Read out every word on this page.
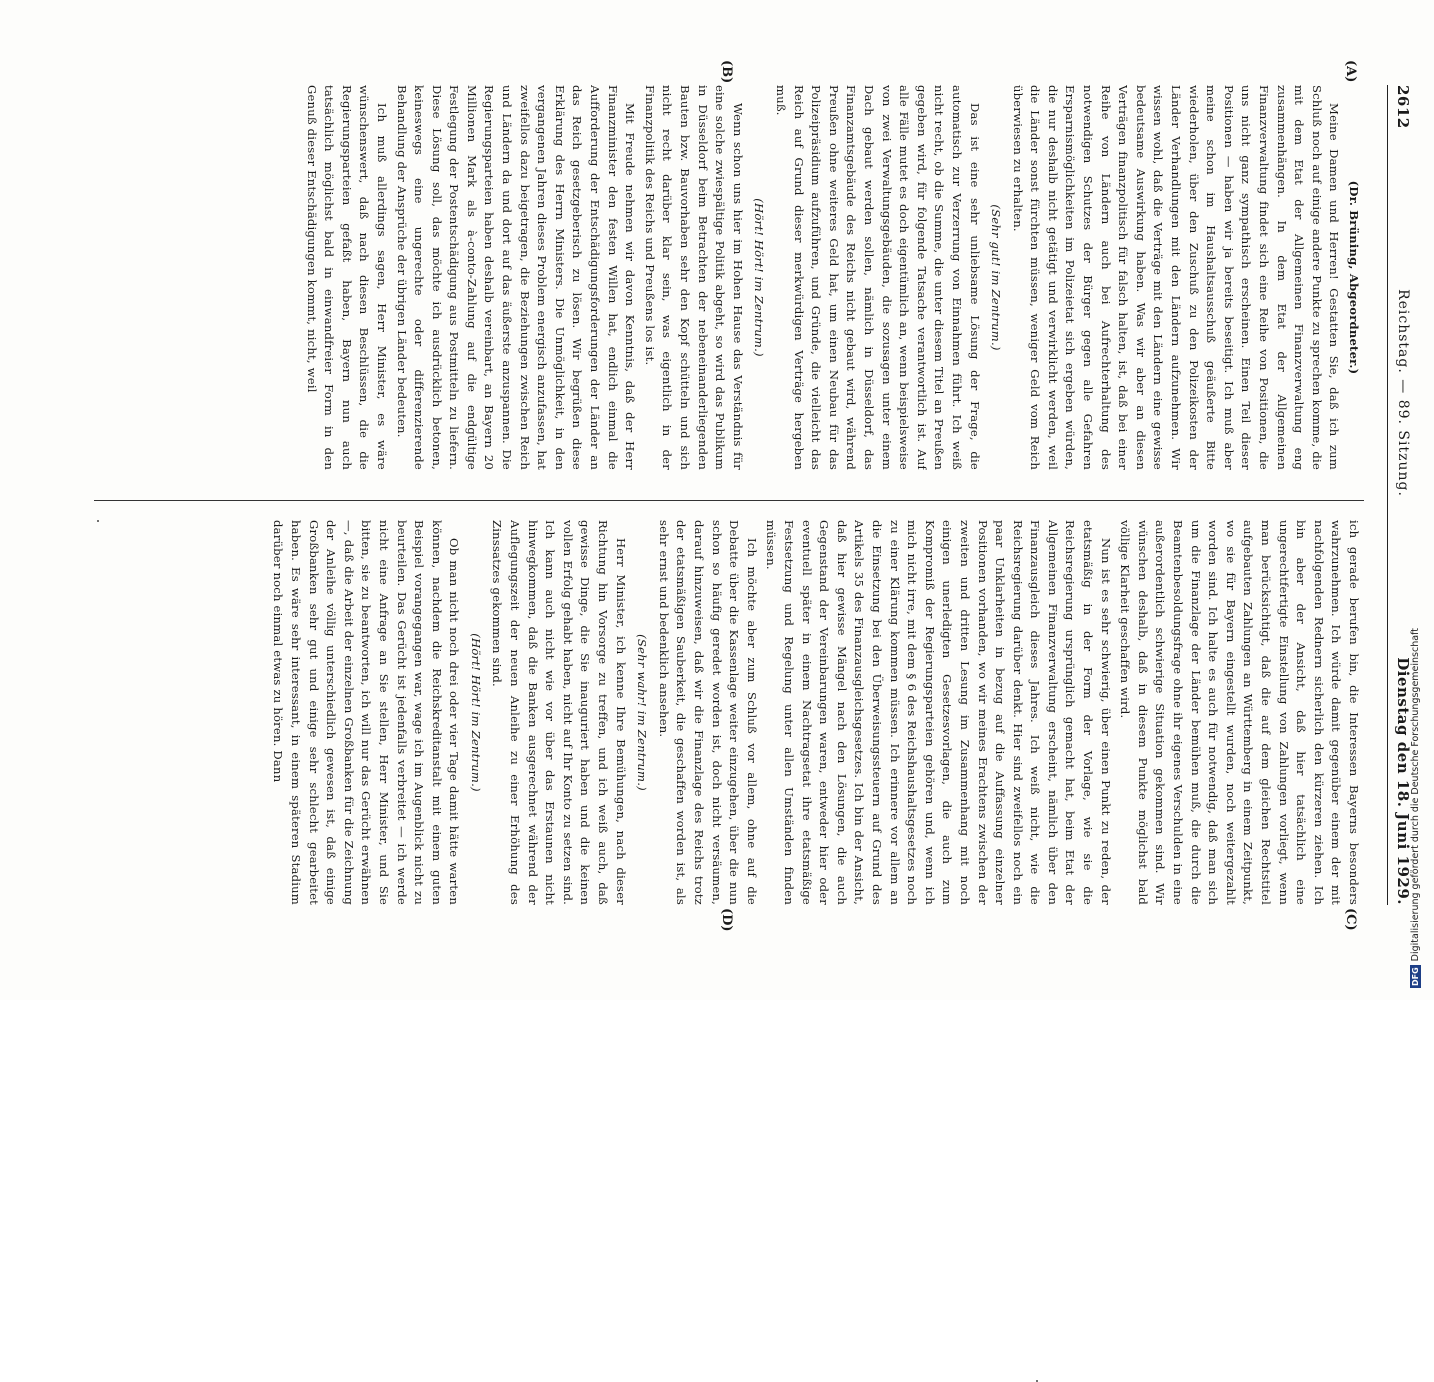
2612
Reichstag. — 89. Sitzung.
Dienstag den 18. Juni 1929.
(A)
(B)
(C)
(D)

(Dr. Brüning, Abgeordneter.)

Meine Damen und Herren! Gestatten Sie, daß ich zum Schluß noch auf einige andere Punkte zu sprechen komme, die mit dem Etat der Allgemeinen Finanzverwaltung eng zusammenhängen. In dem Etat der Allgemeinen Finanzverwaltung findet sich eine Reihe von Positionen, die uns nicht ganz sympathisch erscheinen. Einen Teil dieser Positionen — haben wir ja bereits beseitigt. Ich muß aber meine schon im Haushaltsausschuß geäußerte Bitte wiederholen, über den Zuschuß zu den Polizeikosten der Länder Verhandlungen mit den Ländern aufzunehmen. Wir wissen wohl, daß die Verträge mit den Ländern eine gewisse bedeutsame Auswirkung haben. Was wir aber an diesen Verträgen finanzpolitisch für falsch halten, ist, daß bei einer Reihe von Ländern auch bei Aufrechterhaltung des notwendigen Schutzes der Bürger gegen alle Gefahren Ersparnismöglichkeiten im Polizeietat sich ergeben würden, die nur deshalb nicht getätigt und verwirklicht werden, weil die Länder sonst fürchten müssen, weniger Geld vom Reich überwiesen zu erhalten.

(Sehr gut! im Zentrum.)

Das ist eine sehr unliebsame Lösung der Frage, die automatisch zur Verzerrung von Einnahmen führt. Ich weiß nicht recht, ob die Summe, die unter diesem Titel an Preußen gegeben wird, für folgende Tatsache verantwortlich ist. Auf alle Fälle mutet es doch eigentümlich an, wenn beispielsweise von zwei Verwaltungsgebäuden, die sozusagen unter einem Dach gebaut werden sollen, nämlich in Düsseldorf, das Finanzamtsgebäude des Reichs nicht gebaut wird, während Preußen ohne weiteres Geld hat, um einen Neubau für das Polizeipräsidium aufzuführen, und Gründe, die vielleicht das Reich auf Grund dieser merkwürdigen Verträge hergeben muß.

(Hört! Hört! im Zentrum.)

Wenn schon uns hier im Hohen Hause das Verständnis für eine solche zwiespältige Politik abgeht, so wird das Publikum in Düsseldorf beim Betrachten der nebeneinanderliegenden Bauten bzw. Bauvorhaben sehr den Kopf schütteln und sich nicht recht darüber klar sein, was eigentlich in der Finanzpolitik des Reichs und Preußens los ist.

Mit Freude nehmen wir davon Kenntnis, daß der Herr Finanzminister den festen Willen hat, endlich einmal die Aufforderung der Entschädigungsforderungen der Länder an das Reich gesetzgeberisch zu lösen. Wir begrüßen diese Erklärung des Herrn Ministers. Die Unmöglichkeit, in den vergangenen Jahren dieses Problem energisch anzufassen, hat zweifellos dazu beigetragen, die Beziehungen zwischen Reich und Ländern da und dort auf das äußerste anzuspannen. Die Regierungsparteien haben deshalb vereinbart, an Bayern 20 Millionen Mark als à-conto-Zahlung auf die endgültige Festlegung der Postentschädigung aus Postmitteln zu liefern. Diese Lösung soll, das möchte ich ausdrücklich betonen, keineswegs eine ungerechte oder differenzierende Behandlung der Ansprüche der übrigen Länder bedeuten.

Ich muß allerdings sagen, Herr Minister, es wäre wünschenswert, daß nach diesen Beschlüssen, die die Regierungsparteien gefaßt haben, Bayern nun auch tatsächlich möglichst bald in einwandfreier Form in den Genuß dieser Entschädigungen kommt, nicht, weil

ich gerade berufen bin, die Interessen Bayerns besonders wahrzunehmen. Ich würde damit gegenüber einem der mit nachfolgenden Rednern sicherlich den kürzeren ziehen. Ich bin aber der Ansicht, daß hier tatsächlich eine ungerechtfertigte Einstellung von Zahlungen vorliegt, wenn man berücksichtigt, daß die auf dem gleichen Rechtstitel aufgebauten Zahlungen an Württemberg in einem Zeitpunkt, wo sie für Bayern eingestellt wurden, noch weitergezahlt worden sind. Ich halte es auch für notwendig, daß man sich um die Finanzlage der Länder bemühen muß, die durch die Beamtenbesoldungsfrage ohne ihr eigenes Verschulden in eine außerordentlich schwierige Situation gekommen sind. Wir wünschen deshalb, daß in diesem Punkte möglichst bald völlige Klarheit geschaffen wird.

Nun ist es sehr schwierig, über einen Punkt zu reden, der etatsmäßig in der Form der Vorlage, wie sie die Reichsregierung ursprünglich gemacht hat, beim Etat der Allgemeinen Finanzverwaltung erscheint, nämlich über den Finanzausgleich dieses Jahres. Ich weiß nicht, wie die Reichsregierung darüber denkt. Hier sind zweifellos noch ein paar Unklarheiten in bezug auf die Auffassung einzelner Positionen vorhanden, wo wir meines Erachtens zwischen der zweiten und dritten Lesung im Zusammenhang mit noch einigen unerledigten Gesetzesvorlagen, die auch zum Kompromiß der Regierungsparteien gehören und, wenn ich mich nicht irre, mit dem § 6 des Reichshaushaltsgesetzes noch zu einer Klärung kommen müssen. Ich erinnere vor allem an die Einsetzung bei den Überweisungssteuern auf Grund des Artikels 35 des Finanzausgleichsgesetzes. Ich bin der Ansicht, daß hier gewisse Mängel nach den Lösungen, die auch Gegenstand der Vereinbarungen waren, entweder hier oder eventuell später in einem Nachtragsetat ihre etatsmäßige Festsetzung und Regelung unter allen Umständen finden müssen.

Ich möchte aber zum Schluß vor allem, ohne auf die Debatte über die Kassenlage weiter einzugehen, über die nun schon so häufig geredet worden ist, doch nicht versäumen, darauf hinzuweisen, daß wir die Finanzlage des Reichs trotz der etatsmäßigen Sauberkeit, die geschaffen worden ist, als sehr ernst und bedenklich ansehen.

(Sehr wahr! im Zentrum.)

Herr Minister, ich kenne Ihre Bemühungen, nach dieser Richtung hin Vorsorge zu treffen, und ich weiß auch, daß gewisse Dinge, die Sie inauguriert haben und die keinen vollen Erfolg gehabt haben, nicht auf Ihr Konto zu setzen sind. Ich kann auch nicht wie vor über das Erstaunen nicht hinwegkommen, daß die Banken ausgerechnet während der Auflegungszeit der neuen Anleihe zu einer Erhöhung des Zinssatzes gekommen sind.

(Hört! Hört! im Zentrum.)

Ob man nicht noch drei oder vier Tage damit hätte warten können, nachdem die Reichskreditanstalt mit einem guten Beispiel vorangegangen war, wage ich im Augenblick nicht zu beurteilen. Das Gerücht ist jedenfalls verbreitet — ich werde nicht eine Anfrage an Sie stellen, Herr Minister, und Sie bitten, sie zu beantworten, ich will nur das Gerücht erwähnen —, daß die Arbeit der einzelnen Großbanken für die Zeichnung der Anleihe völlig unterschiedlich gewesen ist, daß einige Großbanken sehr gut und einige sehr schlecht gearbeitet haben. Es wäre sehr interessant, in einem späteren Stadium darüber noch einmal etwas zu hören. Dann

DFGDigitalisierung gefördert durch die Deutsche Forschungsgemeinschaft
